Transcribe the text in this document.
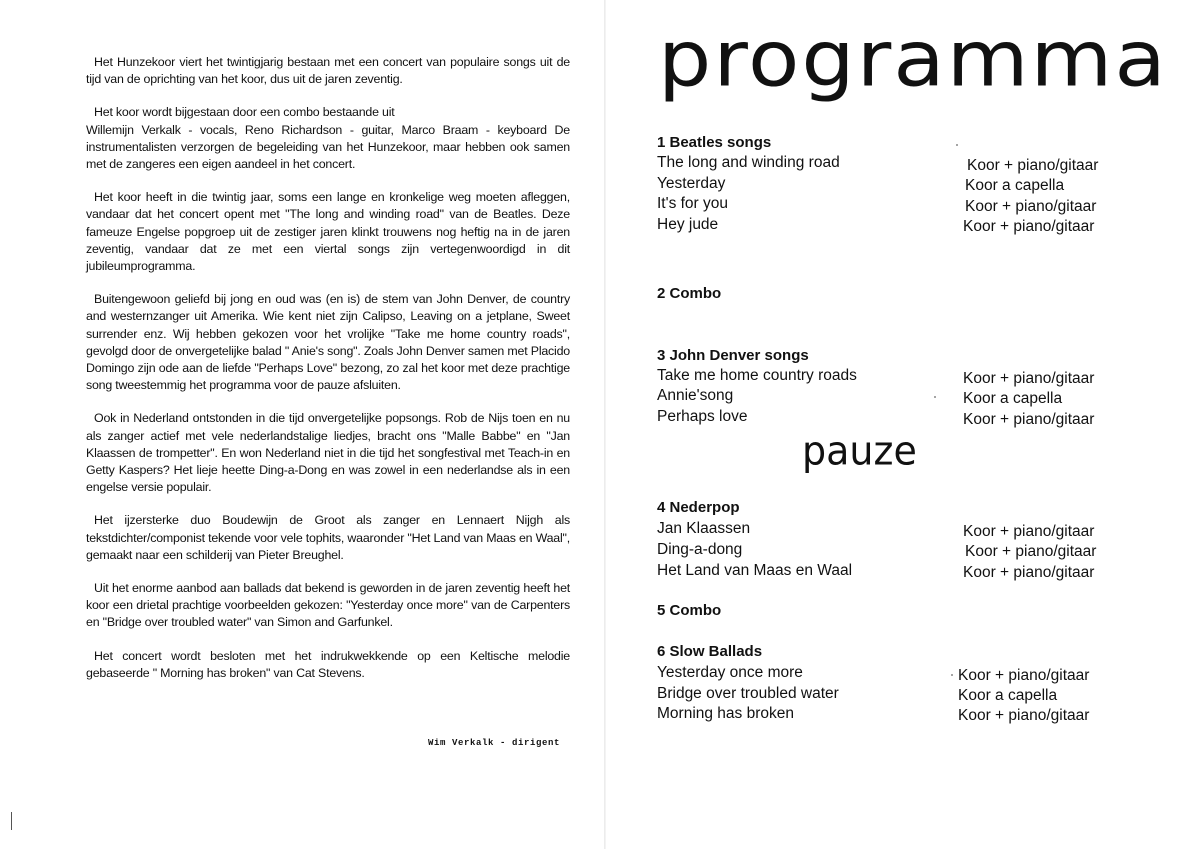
Het Hunzekoor viert het twintigjarig bestaan met een concert van populaire songs uit de tijd van de oprichting van het koor, dus uit de jaren zeventig.

Het koor wordt bijgestaan door een combo bestaande uit

Willemijn Verkalk - vocals, Reno Richardson - guitar, Marco Braam - keyboard De instrumentalisten verzorgen de begeleiding van het Hunzekoor, maar hebben ook samen met de zangeres een eigen aandeel in het concert.

Het koor heeft in die twintig jaar, soms een lange en kronkelige weg moeten afleggen, vandaar dat het concert opent met "The long and winding road" van de Beatles. Deze fameuze Engelse popgroep uit de zestiger jaren klinkt trouwens nog heftig na in de jaren zeventig, vandaar dat ze met een viertal songs zijn vertegenwoordigd in dit jubileumprogramma.

Buitengewoon geliefd bij jong en oud was (en is) de stem van John Denver, de country and westernzanger uit Amerika. Wie kent niet zijn Calipso, Leaving on a jetplane, Sweet surrender enz. Wij hebben gekozen voor het vrolijke "Take me home country roads", gevolgd door de onvergetelijke balad " Anie's song". Zoals John Denver samen met Placido Domingo zijn ode aan de liefde "Perhaps Love" bezong, zo zal het koor met deze prachtige song tweestemmig het programma voor de pauze afsluiten.

Ook in Nederland ontstonden in die tijd onvergetelijke popsongs. Rob de Nijs toen en nu als zanger actief met vele nederlandstalige liedjes, bracht ons "Malle Babbe" en "Jan Klaassen de trompetter". En won Nederland niet in die tijd het songfestival met Teach-in en Getty Kaspers? Het lieje heette Ding-a-Dong en was zowel in een nederlandse als in een engelse versie populair.

Het ijzersterke duo Boudewijn de Groot als zanger en Lennaert Nijgh als tekstdichter/componist tekende voor vele tophits, waaronder "Het Land van Maas en Waal", gemaakt naar een schilderij van Pieter Breughel.

Uit het enorme aanbod aan ballads dat bekend is geworden in de jaren zeventig heeft het koor een drietal prachtige voorbeelden gekozen: "Yesterday once more" van de Carpenters en "Bridge over troubled water" van Simon and Garfunkel.

Het concert wordt besloten met het indrukwekkende op een Keltische melodie gebaseerde " Morning has broken" van Cat Stevens.

Wim Verkalk - dirigent
programma
1 Beatles songs
The long and winding road	Koor + piano/gitaar
Yesterday	Koor a capella
It's for you	Koor + piano/gitaar
Hey jude	Koor + piano/gitaar
2 Combo
3 John Denver songs
Take me home country roads	Koor + piano/gitaar
Annie'song	Koor a capella
Perhaps love	Koor + piano/gitaar
pauze
4 Nederpop
Jan Klaassen	Koor + piano/gitaar
Ding-a-dong	Koor + piano/gitaar
Het Land van Maas en Waal	Koor + piano/gitaar
5 Combo
6 Slow Ballads
Yesterday once more	Koor + piano/gitaar
Bridge over troubled water	Koor a capella
Morning has broken	Koor + piano/gitaar
